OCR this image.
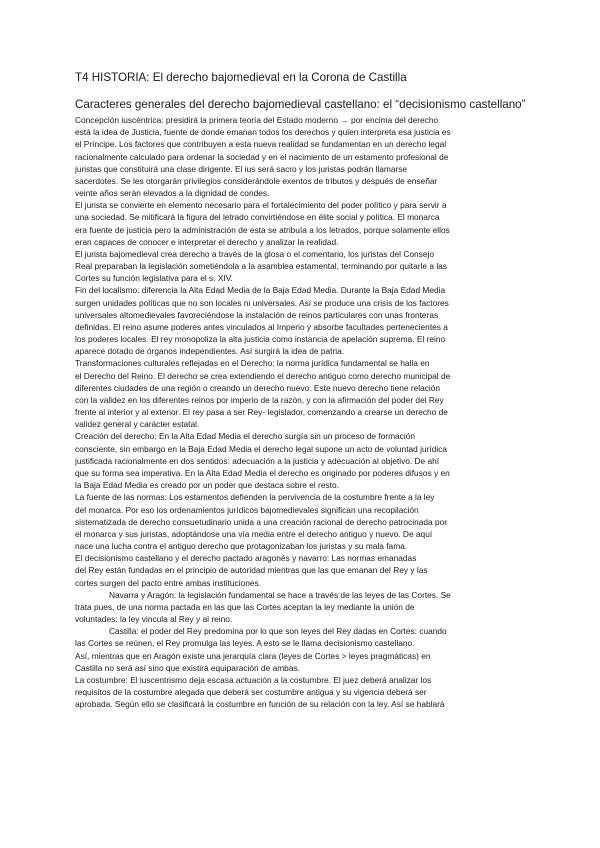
T4 HISTORIA: El derecho bajomedieval en la Corona de Castilla
Caracteres generales del derecho bajomedieval castellano: el “decisionismo castellano”
Concepción iuscéntrica: presidirá la primera teoría del Estado moderno → por encima del derecho
está la idea de Justicia, fuente de donde emanan todos los derechos y quien interpreta esa justicia es
el Príncipe. Los factores que contribuyen a esta nueva realidad se fundamentan en un derecho legal
racionalmente calculado para ordenar la sociedad y en el nacimiento de un estamento profesional de
juristas que constituirá una clase dirigente. El ius será sacro y los juristas podrán llamarse
sacerdotes. Se les otorgarán privilegios considerándole exentos de tributos y después de enseñar
veinte años serán elevados a la dignidad de condes.
El jurista se convierte en elemento necesario para el fortalecimiento del poder político y para servir a
una sociedad. Se mitificará la figura del letrado convirtiéndose en élite social y política. El monarca
era fuente de justicia pero la administración de esta se atribuía a los letrados, porque solamente ellos
eran capaces de conocer e interpretar el derecho y analizar la realidad.
El jurista bajomedieval crea derecho a través de la glosa o el comentario, los juristas del Consejo
Real preparaban la legislación sometiéndola a la asamblea estamental, terminando por quitarle a las
Cortes su función legislativa para el s. XIV.
Fin del localismo: diferencia la Alta Edad Media de la Baja Edad Media. Durante la Baja Edad Media
surgen unidades políticas que no son locales ni universales. Así se produce una crisis de los factores
universales altomedievales favoreciéndose la instalación de reinos particulares con unas fronteras
definidas. El reino asume poderes antes vinculados al Imperio y absorbe facultades pertenecientes a
los poderes locales. El rey monopoliza la alta justicia como instancia de apelación suprema. El reino
aparece dotado de órganos independientes. Así surgirá la idea de patria.
Transformaciones culturales reflejadas en el Derecho: la norma jurídica fundamental se halla en
el Derecho del Reino. El derecho se crea extendiendo el derecho antiguo como derecho municipal de
diferentes ciudades de una región o creando un derecho nuevo. Este nuevo derecho tiene relación
con la validez en los diferentes reinos por imperio de la razón, y con la afirmación del poder del Rey
frente al interior y al exterior. El rey pasa a ser Rey- legislador, comenzando a crearse un derecho de
validez general y carácter estatal.
Creación del derecho: En la Alta Edad Media el derecho surgía sin un proceso de formación
consciente, sin embargo en la Baja Edad Media el derecho legal supone un acto de voluntad jurídica
justificada racionalmente en dos sentidos: adecuación a la justicia y adecuación al objetivo. De ahí
que su forma sea imperativa. En la Alta Edad Media el derecho es originado por poderes difusos y en
la Baja Edad Media es creado por un poder que destaca sobre el resto.
La fuente de las normas: Los estamentos defienden la pervivencia de la costumbre frente a la ley
del monarca. Por eso los ordenamientos jurídicos bajomedievales significan una recopilación
sistematizada de derecho consuetudinario unida a una creación racional de derecho patrocinada por
el monarca y sus juristas, adoptándose una vía media entre el derecho antiguo y nuevo. De aquí
nace una lucha contra el antiguo derecho que protagonizaban los juristas y su mala fama.
El decisionismo castellano y el derecho pactado aragonés y navarro: Las normas emanadas
del Rey están fundadas en el principio de autoridad mientras que las que emanan del Rey y las
cortes surgen del pacto entre ambas instituciones.
Navarra y Aragón: la legislación fundamental se hace a través de las leyes de las Cortes. Se
trata pues, de una norma pactada en las que las Cortes aceptan la ley mediante la unión de
voluntades: la ley vincula al Rey y al reino.
Castilla: el poder del Rey predomina por lo que son leyes del Rey dadas en Cortes: cuando
las Cortes se reúnen, el Rey promulga las leyes. A esto se le llama decisionismo castellano.
Así, mientras que en Aragón existe una jerarquía clara (leyes de Cortes > leyes pragmáticas) en
Castilla no será así sino que existirá equiparación de ambas.
La costumbre: El iuscentrismo deja escasa actuación a la costumbre. El juez deberá analizar los
requisitos de la costumbre alegada que deberá ser costumbre antigua y su vigencia deberá ser
aprobada. Según ello se clasificará la costumbre en función de su relación con la ley. Así se hablará
